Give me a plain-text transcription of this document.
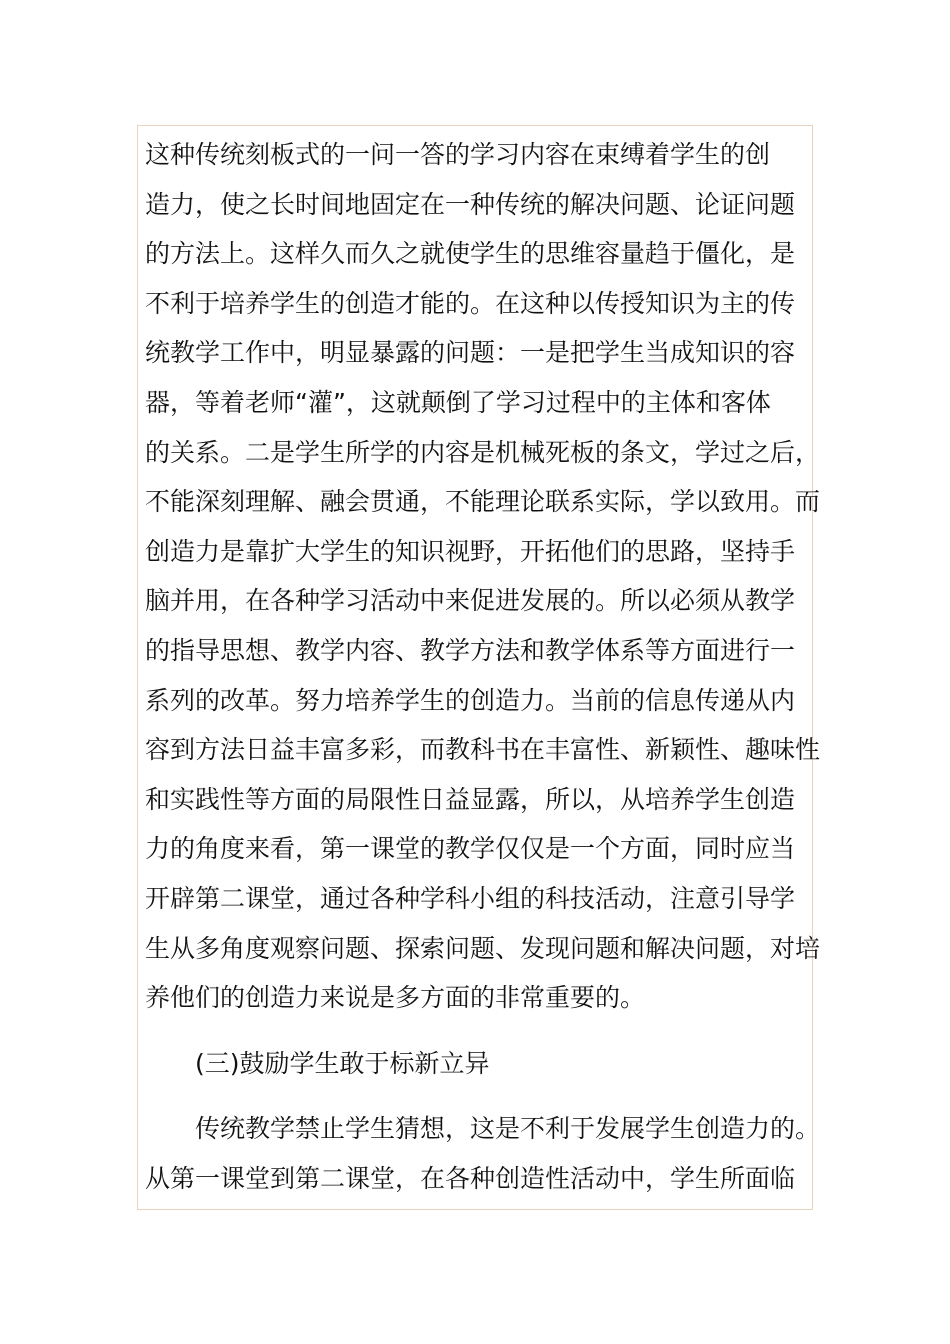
这种传统刻板式的一问一答的学习内容在束缚着学生的创
造力，使之长时间地固定在一种传统的解决问题、论证问题
的方法上。这样久而久之就使学生的思维容量趋于僵化，是
不利于培养学生的创造才能的。在这种以传授知识为主的传
统教学工作中，明显暴露的问题：一是把学生当成知识的容
器，等着老师“灌”，这就颠倒了学习过程中的主体和客体
的关系。二是学生所学的内容是机械死板的条文，学过之后，
不能深刻理解、融会贯通，不能理论联系实际，学以致用。而
创造力是靠扩大学生的知识视野，开拓他们的思路，坚持手
脑并用，在各种学习活动中来促进发展的。所以必须从教学
的指导思想、教学内容、教学方法和教学体系等方面进行一
系列的改革。努力培养学生的创造力。当前的信息传递从内
容到方法日益丰富多彩，而教科书在丰富性、新颖性、趣味性
和实践性等方面的局限性日益显露，所以，从培养学生创造
力的角度来看，第一课堂的教学仅仅是一个方面，同时应当
开辟第二课堂，通过各种学科小组的科技活动，注意引导学
生从多角度观察问题、探索问题、发现问题和解决问题，对培
养他们的创造力来说是多方面的非常重要的。
(三)鼓励学生敢于标新立异
传统教学禁止学生猜想，这是不利于发展学生创造力的。
从第一课堂到第二课堂，在各种创造性活动中，学生所面临
